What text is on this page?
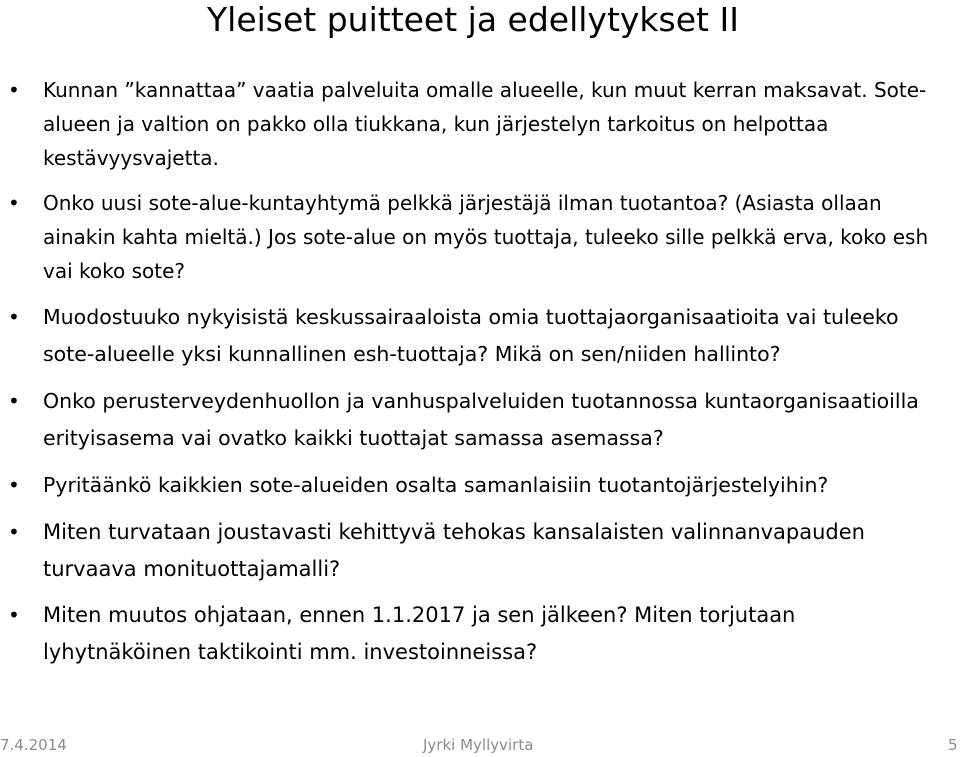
Yleiset puitteet ja edellytykset II
• Kunnan ”kannattaa” vaatia palveluita omalle alueelle, kun muut kerran maksavat. Sote-alueen ja valtion on pakko olla tiukkana, kun järjestelyn tarkoitus on helpottaa kestävyysvajetta.
• Onko uusi sote-alue-kuntayhtymä pelkkä järjestäjä ilman tuotantoa? (Asiasta ollaan ainakin kahta mieltä.) Jos sote-alue on myös tuottaja, tuleeko sille pelkkä erva, koko esh vai koko sote?
• Muodostuuko nykyisistä keskussairaaloista omia tuottajaorganisaatioita vai tuleeko sote-alueelle yksi kunnallinen esh-tuottaja? Mikä on sen/niiden hallinto?
• Onko perusterveydenhuollon ja vanhuspalveluiden tuotannossa kuntaorganisaatioilla erityisasema vai ovatko kaikki tuottajat samassa asemassa?
• Pyritäänkö kaikkien sote-alueiden osalta samanlaisiin tuotantojärjestelyihin?
• Miten turvataan joustavasti kehittyvä tehokas kansalaisten valinnanvapauden turvaava monituottajamalli?
• Miten muutos ohjataan, ennen 1.1.2017 ja sen jälkeen? Miten torjutaan lyhytnäköinen taktikointi mm. investoinneissa?
7.4.2014	Jyrki Myllyvirta	5
